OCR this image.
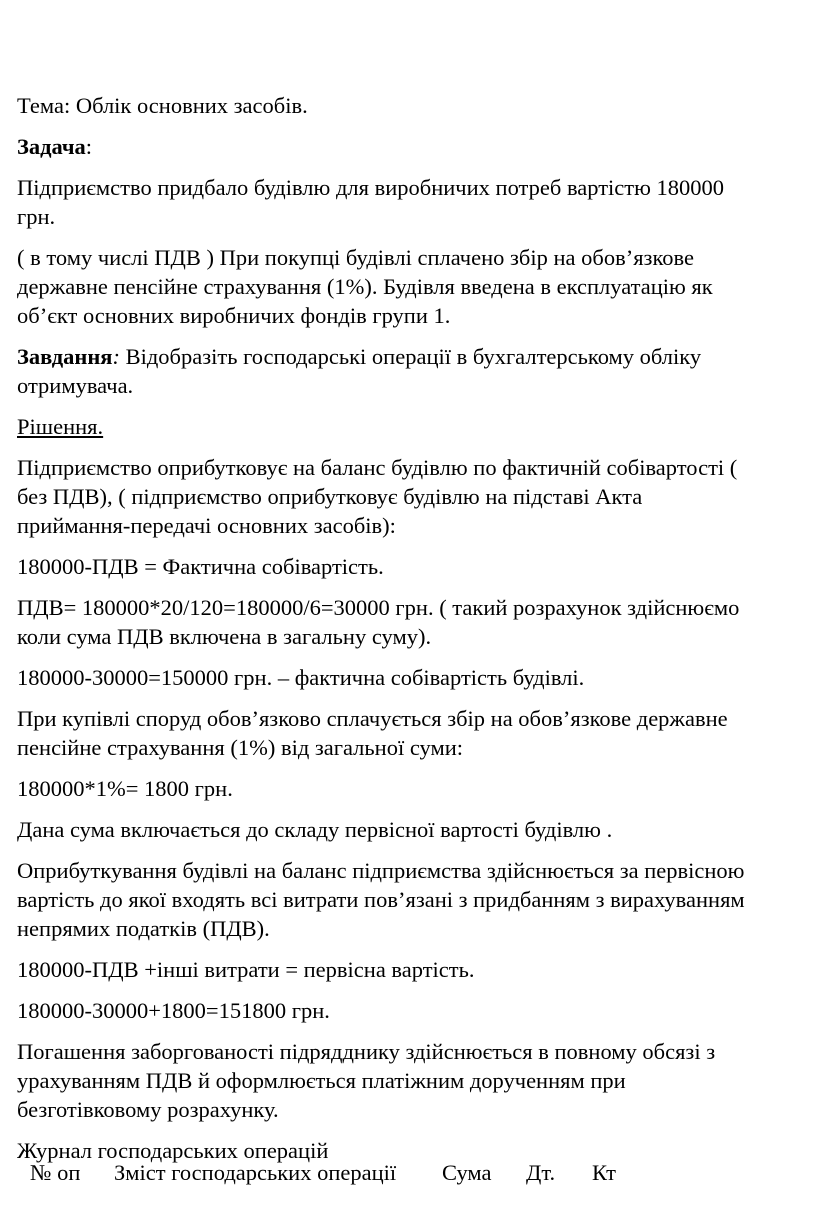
Тема: Облік основних засобів.

Задача:

Підприємство придбало будівлю для виробничих потреб вартістю 180000
грн.

( в тому числі ПДВ ) При покупці будівлі сплачено збір на обов’язкове
державне пенсійне страхування (1%). Будівля введена в експлуатацію як
об’єкт основних виробничих фондів групи 1.

Завдання: Відобразіть господарські операції в бухгалтерському обліку
отримувача.

Рішення.

Підприємство оприбутковує на баланс будівлю по фактичній собівартості (
без ПДВ), ( підприємство оприбутковує будівлю на підставі Акта
приймання-передачі основних засобів):

180000-ПДВ = Фактична собівартість.

ПДВ= 180000*20/120=180000/6=30000 грн. ( такий розрахунок здійснюємо
коли сума ПДВ включена в загальну суму).

180000-30000=150000 грн. – фактична собівартість будівлі.

При купівлі споруд обов’язково сплачується збір на обов’язкове державне
пенсійне страхування (1%) від загальної суми:

180000*1%= 1800 грн.

Дана сума включається до складу первісної вартості будівлю .

Оприбуткування будівлі на баланс підприємства здійснюється за первісною
вартість до якої входять всі витрати пов’язані з придбанням з вирахуванням
непрямих податків (ПДВ).

180000-ПДВ +інші витрати = первісна вартість.

180000-30000+1800=151800 грн.

Погашення заборгованості підрядднику здійснюється в повному обсязі з
урахуванням ПДВ й оформлюється платіжним дорученням при
безготівковому розрахунку.

Журнал господарських операцій

№ оп Зміст господарських операції Сума Дт. Кт
